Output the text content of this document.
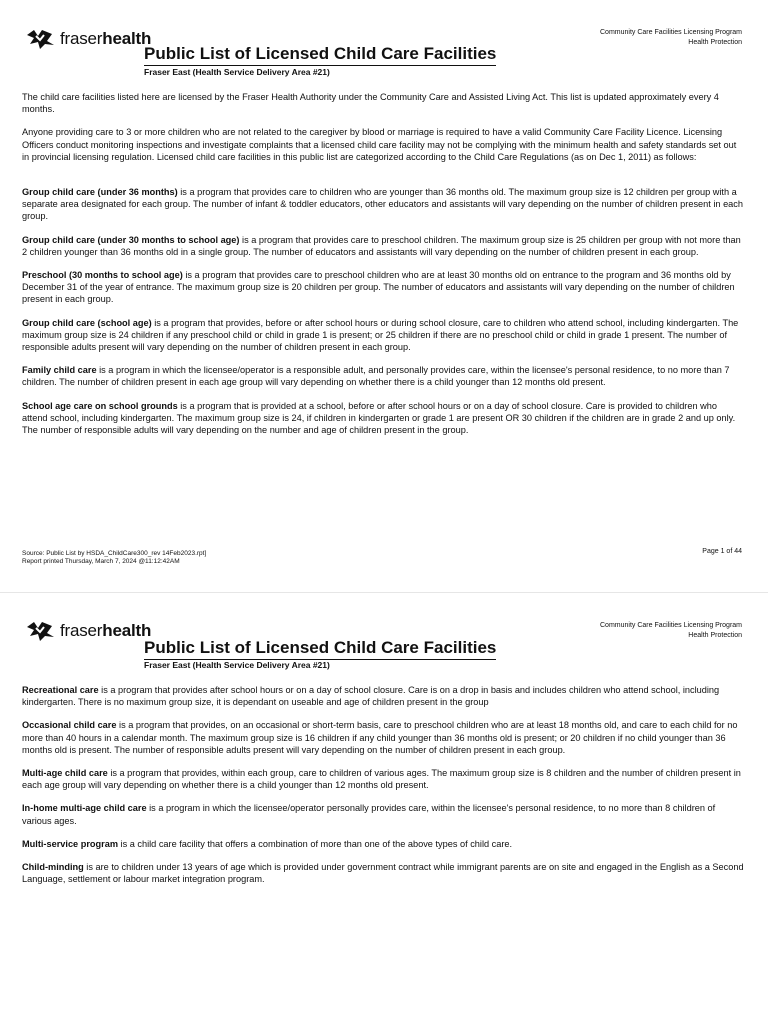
fraserhealth	Community Care Facilities Licensing Program
Health Protection
Public List of Licensed Child Care Facilities
Fraser East (Health Service Delivery Area #21)

The child care facilities listed here are licensed by the Fraser Health Authority under the Community Care and Assisted Living Act. This list is updated approximately every 4 months.

Anyone providing care to 3 or more children who are not related to the caregiver by blood or marriage is required to have a valid Community Care Facility Licence. Licensing Officers conduct monitoring inspections and investigate complaints that a licensed child care facility may not be complying with the minimum health and safety standards set out in provincial licensing regulation. Licensed child care facilities in this public list are categorized according to the Child Care Regulations (as on Dec 1, 2011) as follows:

Group child care (under 36 months) is a program that provides care to children who are younger than 36 months old. The maximum group size is 12 children per group with a separate area designated for each group. The number of infant & toddler educators, other educators and assistants will vary depending on the number of children present in each group.

Group child care (under 30 months to school age) is a program that provides care to preschool children. The maximum group size is 25 children per group with not more than 2 children younger than 36 months old in a single group. The number of educators and assistants will vary depending on the number of children present in each group.

Preschool (30 months to school age) is a program that provides care to preschool children who are at least 30 months old on entrance to the program and 36 months old by December 31 of the year of entrance. The maximum group size is 20 children per group. The number of educators and assistants will vary depending on the number of children present in each group.

Group child care (school age) is a program that provides, before or after school hours or during school closure, care to children who attend school, including kindergarten. The maximum group size is 24 children if any preschool child or child in grade 1 is present; or 25 children if there are no preschool child or child in grade 1 present. The number of responsible adults present will vary depending on the number of children present in each group.

Family child care is a program in which the licensee/operator is a responsible adult, and personally provides care, within the licensee's personal residence, to no more than 7 children. The number of children present in each age group will vary depending on whether there is a child younger than 12 months old present.

School age care on school grounds is a program that is provided at a school, before or after school hours or on a day of school closure. Care is provided to children who attend school, including kindergarten. The maximum group size is 24, if children in kindergarten or grade 1 are present OR 30 children if the children are in grade 2 and up only. The number of responsible adults will vary depending on the number and age of children present in the group.

Source: Public List by HSDA_ChildCare300_rev 14Feb2023.rpt]
Report printed Thursday, March 7, 2024 @11:12:42AM
Page 1 of 44
fraserhealth	Community Care Facilities Licensing Program
Health Protection
Public List of Licensed Child Care Facilities
Fraser East (Health Service Delivery Area #21)

Recreational care is a program that provides after school hours or on a day of school closure. Care is on a drop in basis and includes children who attend school, including kindergarten. There is no maximum group size, it is dependant on useable and age of children present in the group

Occasional child care is a program that provides, on an occasional or short-term basis, care to preschool children who are at least 18 months old, and care to each child for no more than 40 hours in a calendar month. The maximum group size is 16 children if any child younger than 36 months old is present; or 20 children if no child younger than 36 months old is present. The number of responsible adults present will vary depending on the number of children present in each group.

Multi-age child care is a program that provides, within each group, care to children of various ages. The maximum group size is 8 children and the number of children present in each age group will vary depending on whether there is a child younger than 12 months old present.

In-home multi-age child care is a program in which the licensee/operator personally provides care, within the licensee's personal residence, to no more than 8 children of various ages.

Multi-service program is a child care facility that offers a combination of more than one of the above types of child care.

Child-minding is are to children under 13 years of age which is provided under government contract while immigrant parents are on site and engaged in the English as a Second Language, settlement or labour market integration program.
